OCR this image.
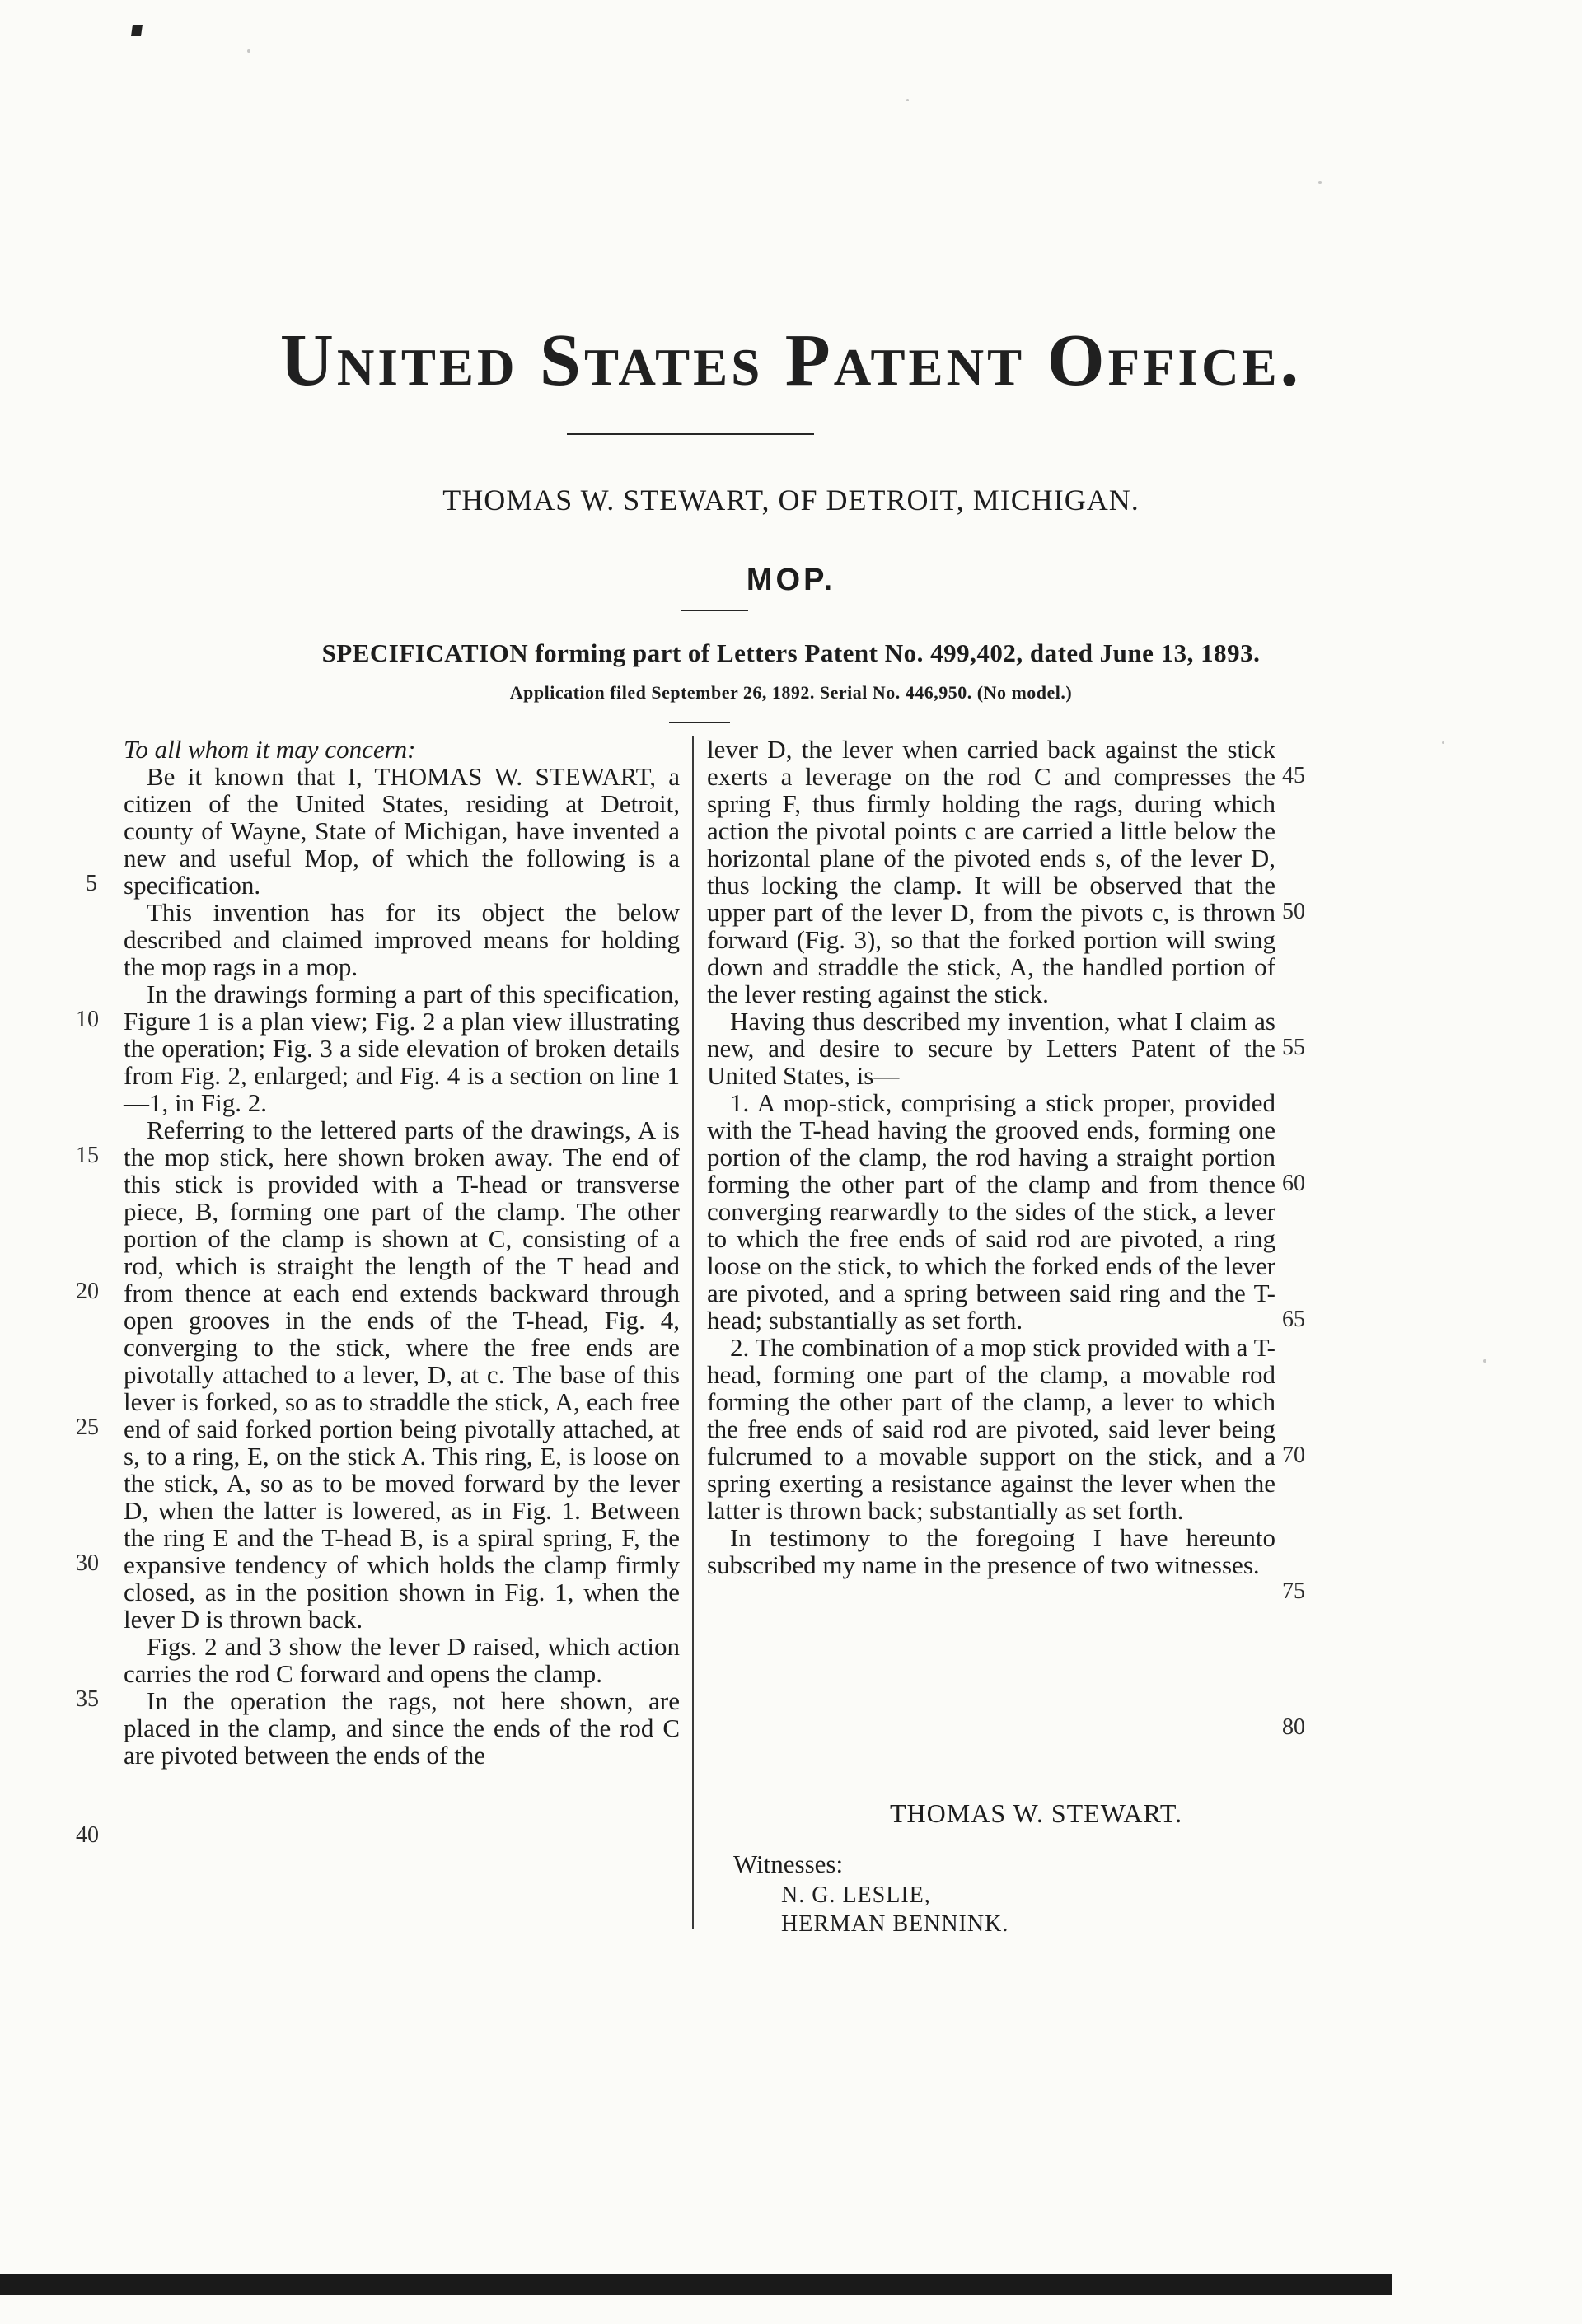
United States Patent Office.
THOMAS W. STEWART, OF DETROIT, MICHIGAN.
MOP.
SPECIFICATION forming part of Letters Patent No. 499,402, dated June 13, 1893.
Application filed September 26, 1892. Serial No. 446,950. (No model.)

To all whom it may concern:

Be it known that I, THOMAS W. STEWART, a citizen of the United States, residing at Detroit, county of Wayne, State of Michigan, have invented a new and useful Mop, of which the following is a specification.

This invention has for its object the below described and claimed improved means for holding the mop rags in a mop.

In the drawings forming a part of this specification, Figure 1 is a plan view; Fig. 2 a plan view illustrating the operation; Fig. 3 a side elevation of broken details from Fig. 2, enlarged; and Fig. 4 is a section on line 1—1, in Fig. 2.

Referring to the lettered parts of the drawings, A is the mop stick, here shown broken away. The end of this stick is provided with a T-head or transverse piece, B, forming one part of the clamp. The other portion of the clamp is shown at C, consisting of a rod, which is straight the length of the T head and from thence at each end extends backward through open grooves in the ends of the T-head, Fig. 4, converging to the stick, where the free ends are pivotally attached to a lever, D, at c. The base of this lever is forked, so as to straddle the stick, A, each free end of said forked portion being pivotally attached, at s, to a ring, E, on the stick A. This ring, E, is loose on the stick, A, so as to be moved forward by the lever D, when the latter is lowered, as in Fig. 1. Between the ring E and the T-head B, is a spiral spring, F, the expansive tendency of which holds the clamp firmly closed, as in the position shown in Fig. 1, when the lever D is thrown back.

Figs. 2 and 3 show the lever D raised, which action carries the rod C forward and opens the clamp.

In the operation the rags, not here shown, are placed in the clamp, and since the ends of the rod C are pivoted between the ends of the

lever D, the lever when carried back against the stick exerts a leverage on the rod C and compresses the spring F, thus firmly holding the rags, during which action the pivotal points c are carried a little below the horizontal plane of the pivoted ends s, of the lever D, thus locking the clamp. It will be observed that the upper part of the lever D, from the pivots c, is thrown forward (Fig. 3), so that the forked portion will swing down and straddle the stick, A, the handled portion of the lever resting against the stick.

Having thus described my invention, what I claim as new, and desire to secure by Letters Patent of the United States, is—

1. A mop-stick, comprising a stick proper, provided with the T-head having the grooved ends, forming one portion of the clamp, the rod having a straight portion forming the other part of the clamp and from thence converging rearwardly to the sides of the stick, a lever to which the free ends of said rod are pivoted, a ring loose on the stick, to which the forked ends of the lever are pivoted, and a spring between said ring and the T-head; substantially as set forth.

2. The combination of a mop stick provided with a T-head, forming one part of the clamp, a movable rod forming the other part of the clamp, a lever to which the free ends of said rod are pivoted, said lever being fulcrumed to a movable support on the stick, and a spring exerting a resistance against the lever when the latter is thrown back; substantially as set forth.

In testimony to the foregoing I have hereunto subscribed my name in the presence of two witnesses.

5
10
15
20
25
30
35
40
45
50
55
60
65
70
75
80
THOMAS W. STEWART.
Witnesses:
N. G. LESLIE,
HERMAN BENNINK.
